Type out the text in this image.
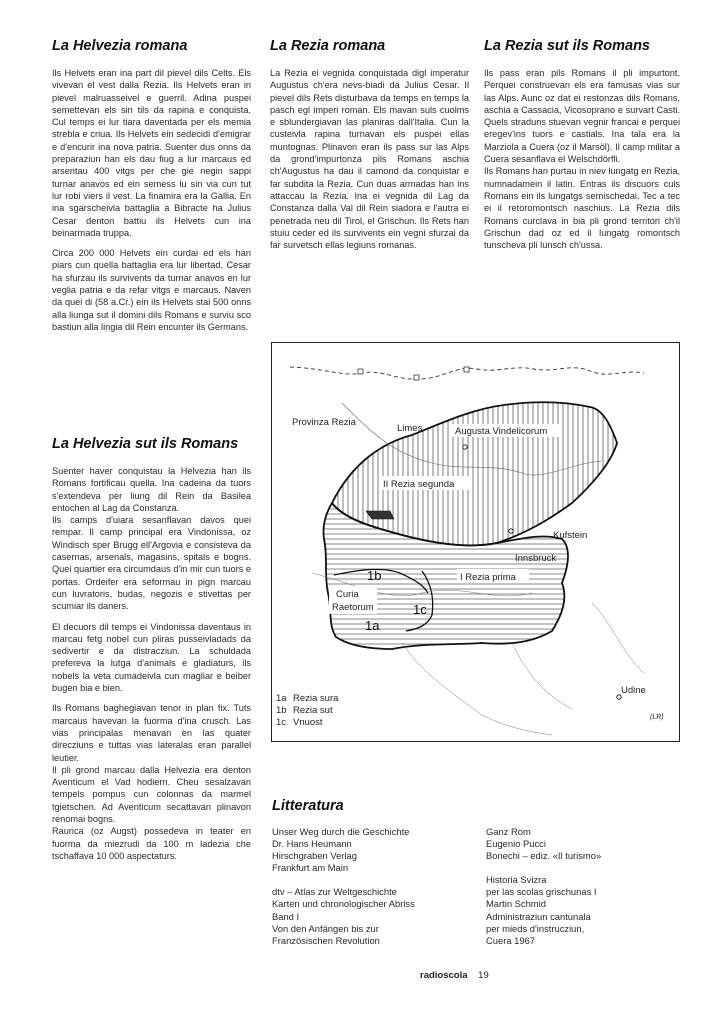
La Helvezia romana

Ils Helvets eran ina part dil pievel dils Celts. Els vivevan el vest dalla Rezia. Ils Helvets eran in pievel malruasseivel e guerril. Adina puspei semettevan els sin tils da rapina e conquista. Cul temps ei lur tiara daventada per els memia strebla e criua. Ils Helvets ein sedecidi d'emigrar e d'encurir ina nova patria. Suenter dus onns da preparaziun han els dau fiug a lur marcaus ed arsentau 400 vitgs per che gie negin sappi turnar anavos ed ein semess lu sin via cun tut lur robi viers il vest. La finamira era la Gallia. En ina sgarscheivla battaglia a Bibracte ha Julius Cesar denton battiu ils Helvets cun ina beinarmada truppa.

Circa 200 000 Helvets ein curdai ed els han piars cun quella battaglia era lur libertad. Cesar ha sfurzau ils survivents da turnar anavos en lur veglia patria e da refar vitgs e marcaus. Naven da quei di (58 a.Cr.) ein ils Helvets stai 500 onns alla liunga sut il domini dils Romans e surviu sco bastiun alla lingia dil Rein encunter ils Germans.

La Helvezia sut ils Romans

Suenter haver conquistau la Helvezia han ils Romans fortificau quella. Ina cadeina da tuors s'extendeva per liung dil Rein da Basilea entochen al Lag da Constanza.

Ils camps d'uiara sesanflavan davos quei rempar. Il camp principal era Vindonissa, oz Windisch sper Brugg ell'Argovia e consisteva da casernas, arsenals, magasins, spitals e bogns. Quei quartier era circumdaus d'in mir cun tuors e portas. Ordeifer era seformau in pign marcau cun luvratoris, budas, negozis e stivettas per scumiar ils daners.

El decuors dil temps ei Vindonissa daventaus in marcau fetg nobel cun pliras pusseivladads da sedivertir e da distracziun. La schuldada prefereva la lutga d'animals e gladiaturs, ils nobels la veta cumadeivla cun magliar e beiber bugen bia e bien.

Ils Romans baghegiavan tenor in plan fix. Tuts marcaus havevan la fuorma d'ina crusch. Las vias principalas menavan en las quater direcziuns e tuttas vias lateralas eran parallel leutier.

Il pli grond marcau dalla Helvezia era denton Aventicum el Vad hodiern. Cheu sesalzavan tempels pompus cun colonnas da marmel tgietschen. Ad Aventicum secattavan plinavon renomai bogns.

Raurica (oz Augst) possedeva in teater en fuorma da miezrudi da 100 m ladezia che tschaffava 10 000 aspectaturs.

La Rezia romana

La Rezia ei vegnida conquistada digl imperatur Augustus ch'era nevs-biadi da Julius Cesar. Il pievel dils Rets disturbava da temps en temps la pasch egl imperi roman. Els mavan suls cuolms e sblundergiavan las planiras dall'Italia. Cun la custeivla rapina turnavan els puspei ellas muntognas. Plinavon eran ils pass sur las Alps da grond'impurtonza pils Romans aschia ch'Augustus ha dau il camond da conquistar e far subdita la Rezia. Cun duas armadas han ins attaccau la Rezia. Ina ei vegnida dil Lag da Constanza dalla Val dil Rein siadora e l'autra ei penetrada neu dil Tirol, el Grischun. Ils Rets han stuiu ceder ed ils survivents ein vegni sfurzai da far survetsch ellas legiuns romanas.

La Rezia sut ils Romans

Ils pass eran pils Romans il pli impurtont. Perquei construevan els era famusas vias sur las Alps. Aunc oz dat ei restonzas dils Romans, aschia a Cassacia, Vicosoprano e survart Casti. Quels straduns stuevan vegnir francai e perquei eregev'ins tuors e castials. Ina tala era la Marziola a Cuera (oz il Marsöl). Il camp militar a Cuera sesanflava el Welschdörfli.

Ils Romans han purtau in niev lungatg en Rezia, numnadamein il latin. Entras ils discuors culs Romans ein ils lungatgs semischedai. Tec a tec ei il retoromontsch naschius. La Rezia dils Romans curclava in bia pli grond territori ch'il Grischun dad oz ed il lungatg romontsch tunscheva pli lunsch ch'ussa.

Limes
Provinza Rezia
Augusta Vindelicorum
II Rezia segunda
Kufstein
Innsbruck
I Rezia prima
1b
Curia
Raetorum	1c
1a
Udine
(LR)
1a Rezia sura
1b Rezia sut
1c Vnuost
Litteratura
Unser Weg durch die Geschichte
Dr. Hans Heumann
Hirschgraben Verlag
Frankfurt am Main
dtv – Atlas zur Weltgeschichte
Karten und chronologischer Abriss
Band I
Von den Anfängen bis zur
Französischen Revolution
Ganz Rom
Eugenio Pucci
Bonechi – ediz. «Il turismo»
Historia Svizra
per las scolas grischunas I
Martin Schmid
Administraziun cantunala
per mieds d'instrucziun,
Cuera 1967
radioscola 19
